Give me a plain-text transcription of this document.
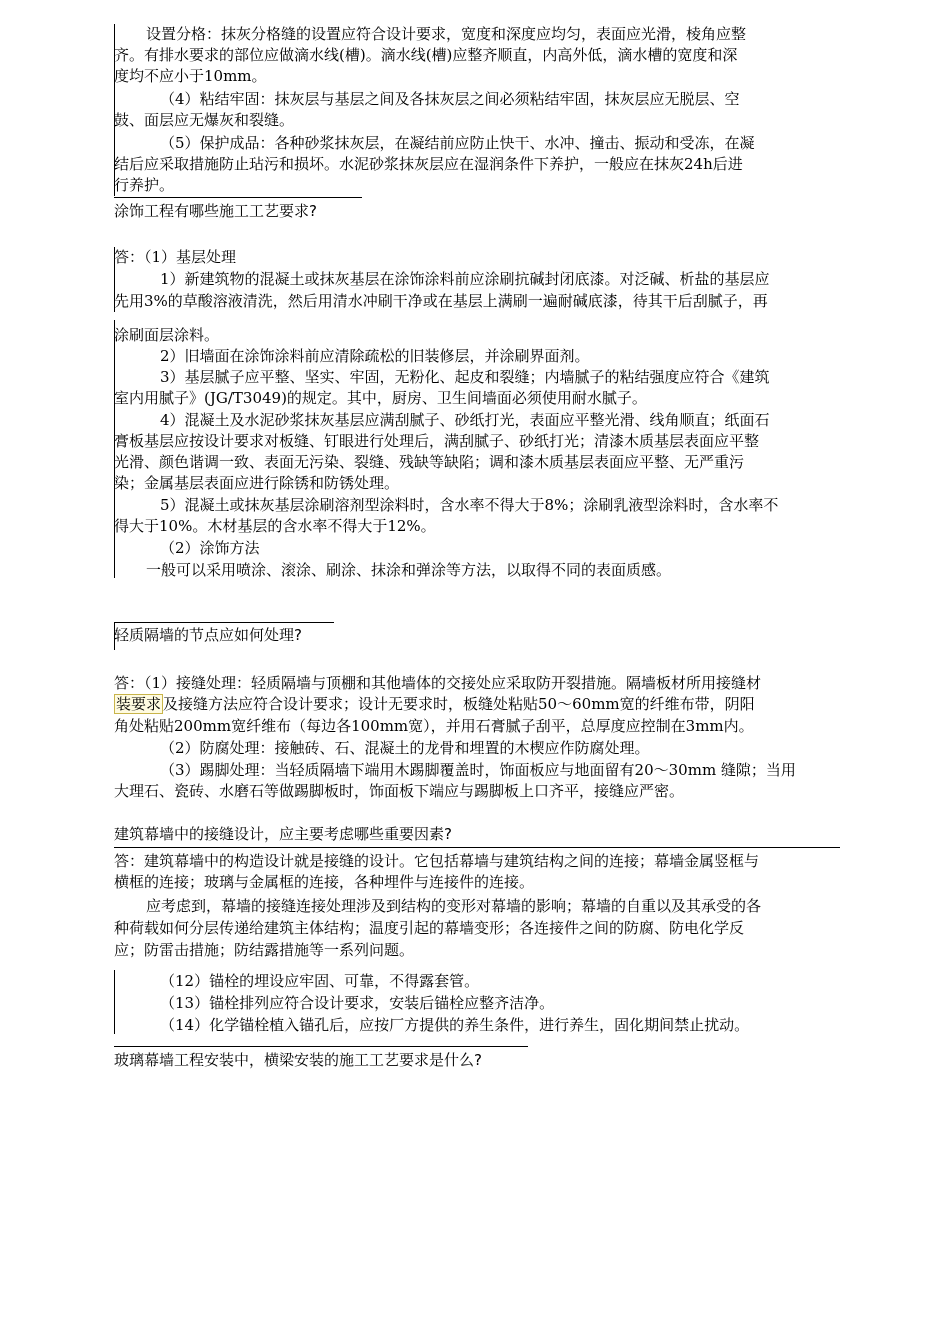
设置分格：抹灰分格缝的设置应符合设计要求，宽度和深度应均匀，表面应光滑，棱角应整
齐。有排水要求的部位应做滴水线(槽)。滴水线(槽)应整齐顺直，内高外低，滴水槽的宽度和深
度均不应小于10mm。
（4）粘结牢固：抹灰层与基层之间及各抹灰层之间必须粘结牢固，抹灰层应无脱层、空
鼓、面层应无爆灰和裂缝。
（5）保护成品：各种砂浆抹灰层，在凝结前应防止快干、水冲、撞击、振动和受冻，在凝
结后应采取措施防止玷污和损坏。水泥砂浆抹灰层应在湿润条件下养护，一般应在抹灰24h后进
行养护。
涂饰工程有哪些施工工艺要求?
答：（1）基层处理
1）新建筑物的混凝土或抹灰基层在涂饰涂料前应涂刷抗碱封闭底漆。对泛碱、析盐的基层应
先用3%的草酸溶液清洗，然后用清水冲刷干净或在基层上满刷一遍耐碱底漆，待其干后刮腻子，再
涂刷面层涂料。
2）旧墙面在涂饰涂料前应清除疏松的旧装修层，并涂刷界面剂。
3）基层腻子应平整、坚实、牢固，无粉化、起皮和裂缝；内墙腻子的粘结强度应符合《建筑
室内用腻子》(JG/T3049)的规定。其中，厨房、卫生间墙面必须使用耐水腻子。
4）混凝土及水泥砂浆抹灰基层应满刮腻子、砂纸打光，表面应平整光滑、线角顺直；纸面石
膏板基层应按设计要求对板缝、钉眼进行处理后，满刮腻子、砂纸打光；清漆木质基层表面应平整
光滑、颜色谐调一致、表面无污染、裂缝、残缺等缺陷；调和漆木质基层表面应平整、无严重污
染；金属基层表面应进行除锈和防锈处理。
5）混凝土或抹灰基层涂刷溶剂型涂料时，含水率不得大于8%；涂刷乳液型涂料时，含水率不
得大于10%。木材基层的含水率不得大于12%。
（2）涂饰方法
一般可以采用喷涂、滚涂、刷涂、抹涂和弹涂等方法，以取得不同的表面质感。
轻质隔墙的节点应如何处理?
答：（1）接缝处理：轻质隔墙与顶棚和其他墙体的交接处应采取防开裂措施。隔墙板材所用接缝材
装要求 及接缝方法应符合设计要求；设计无要求时，板缝处粘贴50～60mm宽的纤维布带，阴阳
角处粘贴200mm宽纤维布（每边各100mm宽），并用石膏腻子刮平，总厚度应控制在3mm内。
（2）防腐处理：接触砖、石、混凝土的龙骨和埋置的木楔应作防腐处理。
（3）踢脚处理：当轻质隔墙下端用木踢脚覆盖时，饰面板应与地面留有20～30mm 缝隙；当用
大理石、瓷砖、水磨石等做踢脚板时，饰面板下端应与踢脚板上口齐平，接缝应严密。
建筑幕墙中的接缝设计，应主要考虑哪些重要因素?
答：建筑幕墙中的构造设计就是接缝的设计。它包括幕墙与建筑结构之间的连接；幕墙金属竖框与
横框的连接；玻璃与金属框的连接，各种埋件与连接件的连接。
应考虑到，幕墙的接缝连接处理涉及到结构的变形对幕墙的影响；幕墙的自重以及其承受的各
种荷载如何分层传递给建筑主体结构；温度引起的幕墙变形；各连接件之间的防腐、防电化学反
应；防雷击措施；防结露措施等一系列问题。
（12）锚栓的埋设应牢固、可靠，不得露套管。
（13）锚栓排列应符合设计要求，安装后锚栓应整齐洁净。
（14）化学锚栓植入锚孔后，应按厂方提供的养生条件，进行养生，固化期间禁止扰动。
玻璃幕墙工程安装中，横梁安装的施工工艺要求是什么?
